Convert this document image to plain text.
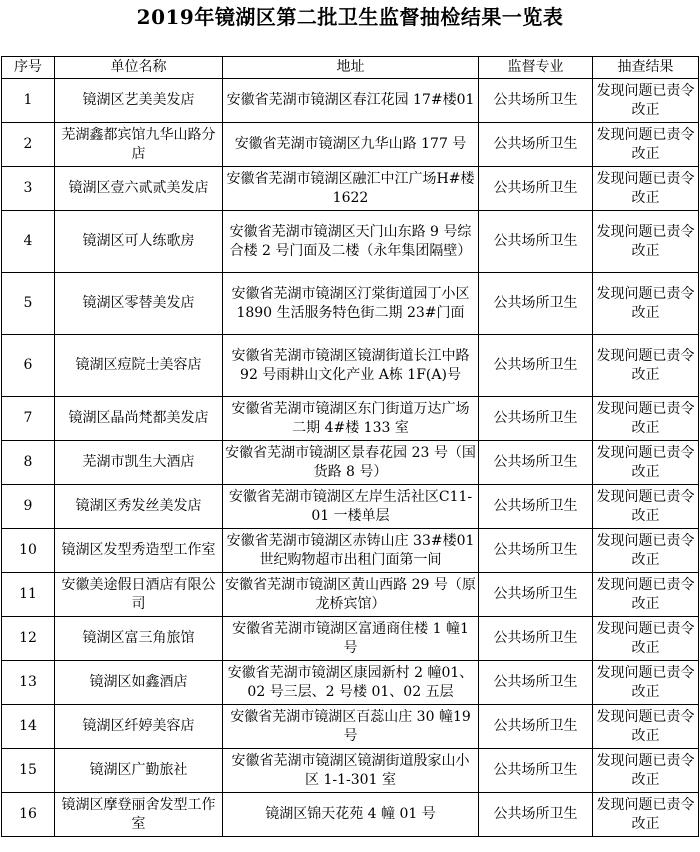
2019年镜湖区第二批卫生监督抽检结果一览表
序号	单位名称	地址	监督专业	抽查结果
1	镜湖区艺美美发店	安徽省芜湖市镜湖区春江花园 17#楼01	公共场所卫生	发现问题已责令改正
2	芜湖鑫都宾馆九华山路分店	安徽省芜湖市镜湖区九华山路 177 号	公共场所卫生	发现问题已责令改正
3	镜湖区壹六贰贰美发店	安徽省芜湖市镜湖区融汇中江广场H#楼 1622	公共场所卫生	发现问题已责令改正
4	镜湖区可人练歌房	安徽省芜湖市镜湖区天门山东路 9 号综合楼 2 号门面及二楼（永年集团隔壁）	公共场所卫生	发现问题已责令改正
5	镜湖区零替美发店	安徽省芜湖市镜湖区汀棠街道园丁小区 1890 生活服务特色街二期 23#门面	公共场所卫生	发现问题已责令改正
6	镜湖区痘院士美容店	安徽省芜湖市镜湖区镜湖街道长江中路 92 号雨耕山文化产业 A栋 1F(A)号	公共场所卫生	发现问题已责令改正
7	镜湖区晶尚梵都美发店	安徽省芜湖市镜湖区东门街道万达广场二期 4#楼 133 室	公共场所卫生	发现问题已责令改正
8	芜湖市凯生大酒店	安徽省芜湖市镜湖区景春花园 23 号（国货路 8 号）	公共场所卫生	发现问题已责令改正
9	镜湖区秀发丝美发店	安徽省芜湖市镜湖区左岸生活社区C11-01 一楼单层	公共场所卫生	发现问题已责令改正
10	镜湖区发型秀造型工作室	安徽省芜湖市镜湖区赤铸山庄 33#楼01 世纪购物超市出租门面第一间	公共场所卫生	发现问题已责令改正
11	安徽美途假日酒店有限公司	安徽省芜湖市镜湖区黄山西路 29 号（原龙桥宾馆）	公共场所卫生	发现问题已责令改正
12	镜湖区富三角旅馆	安徽省芜湖市镜湖区富通商住楼 1 幢1 号	公共场所卫生	发现问题已责令改正
13	镜湖区如鑫酒店	安徽省芜湖市镜湖区康园新村 2 幢01、02 号三层、2 号楼 01、02 五层	公共场所卫生	发现问题已责令改正
14	镜湖区纤婷美容店	安徽省芜湖市镜湖区百蕊山庄 30 幢19 号	公共场所卫生	发现问题已责令改正
15	镜湖区广勤旅社	安徽省芜湖市镜湖区镜湖街道殷家山小区 1-1-301 室	公共场所卫生	发现问题已责令改正
16	镜湖区摩登丽舍发型工作室	镜湖区锦天花苑 4 幢 01 号	公共场所卫生	发现问题已责令改正
